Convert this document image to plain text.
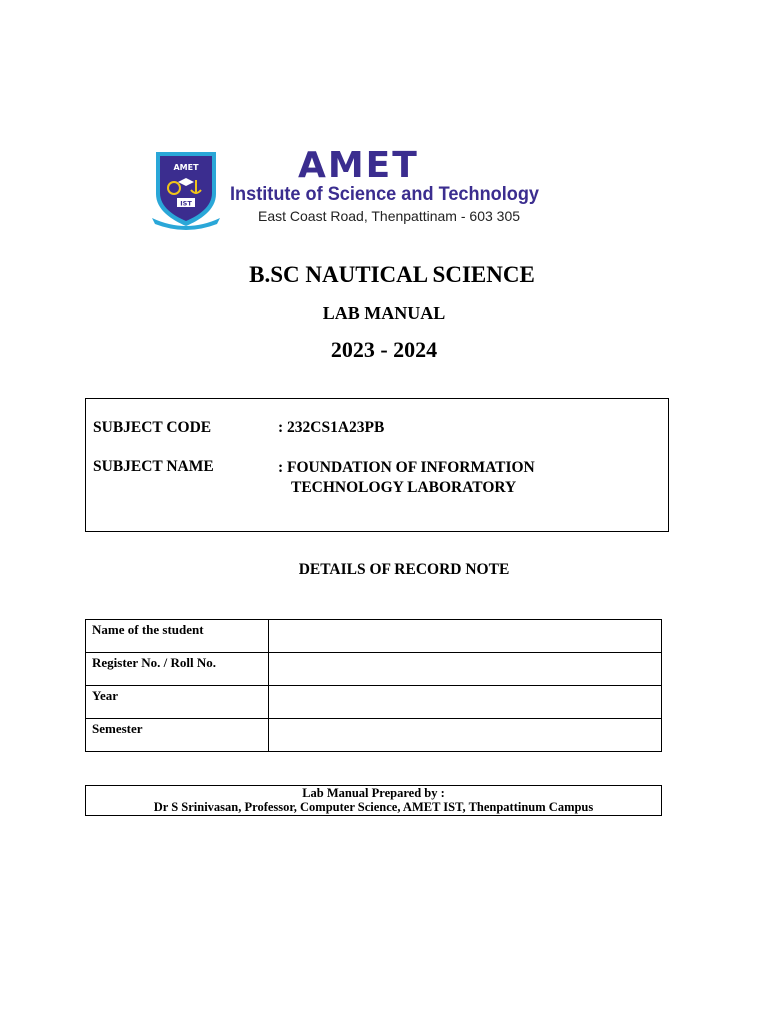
AMET
IST
AMET
Institute of Science and Technology
East Coast Road, Thenpattinam - 603 305
B.SC NAUTICAL SCIENCE
LAB MANUAL
2023 - 2024
SUBJECT CODE	: 232CS1A23PB
SUBJECT NAME	: FOUNDATION OF INFORMATION
TECHNOLOGY LABORATORY
DETAILS OF RECORD NOTE
Name of the student	
Register No. / Roll No.	
Year	
Semester	
Lab Manual Prepared by :
Dr S Srinivasan, Professor, Computer Science, AMET IST, Thenpattinum Campus
